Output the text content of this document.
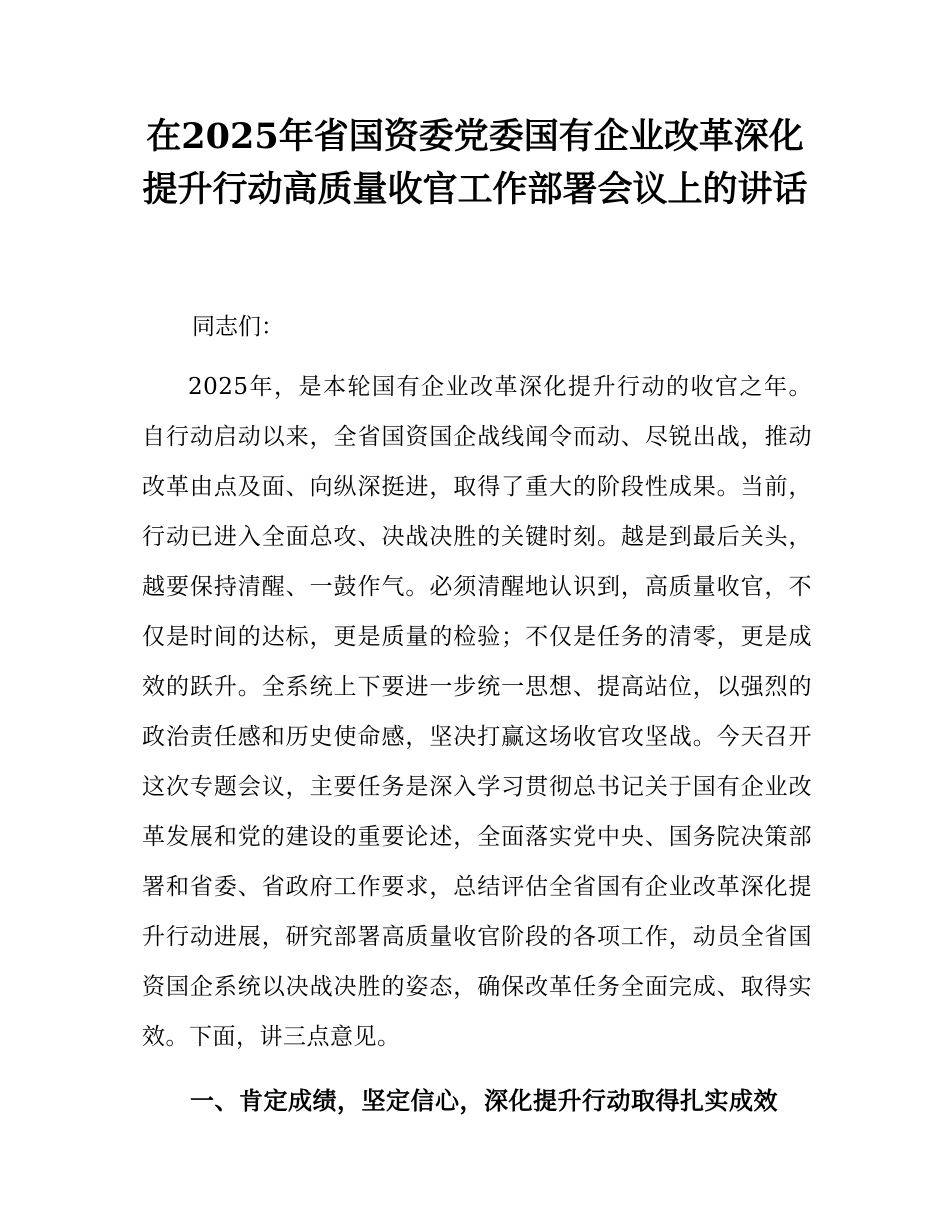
在2025年省国资委党委国有企业改革深化提升行动高质量收官工作部署会议上的讲话

同志们：

2025年，是本轮国有企业改革深化提升行动的收官之年。自行动启动以来，全省国资国企战线闻令而动、尽锐出战，推动改革由点及面、向纵深挺进，取得了重大的阶段性成果。当前，行动已进入全面总攻、决战决胜的关键时刻。越是到最后关头，越要保持清醒、一鼓作气。必须清醒地认识到，高质量收官，不仅是时间的达标，更是质量的检验；不仅是任务的清零，更是成效的跃升。全系统上下要进一步统一思想、提高站位，以强烈的政治责任感和历史使命感，坚决打赢这场收官攻坚战。今天召开这次专题会议，主要任务是深入学习贯彻总书记关于国有企业改革发展和党的建设的重要论述，全面落实党中央、国务院决策部署和省委、省政府工作要求，总结评估全省国有企业改革深化提升行动进展，研究部署高质量收官阶段的各项工作，动员全省国资国企系统以决战决胜的姿态，确保改革任务全面完成、取得实效。下面，讲三点意见。

一、肯定成绩，坚定信心，深化提升行动取得扎实成效
